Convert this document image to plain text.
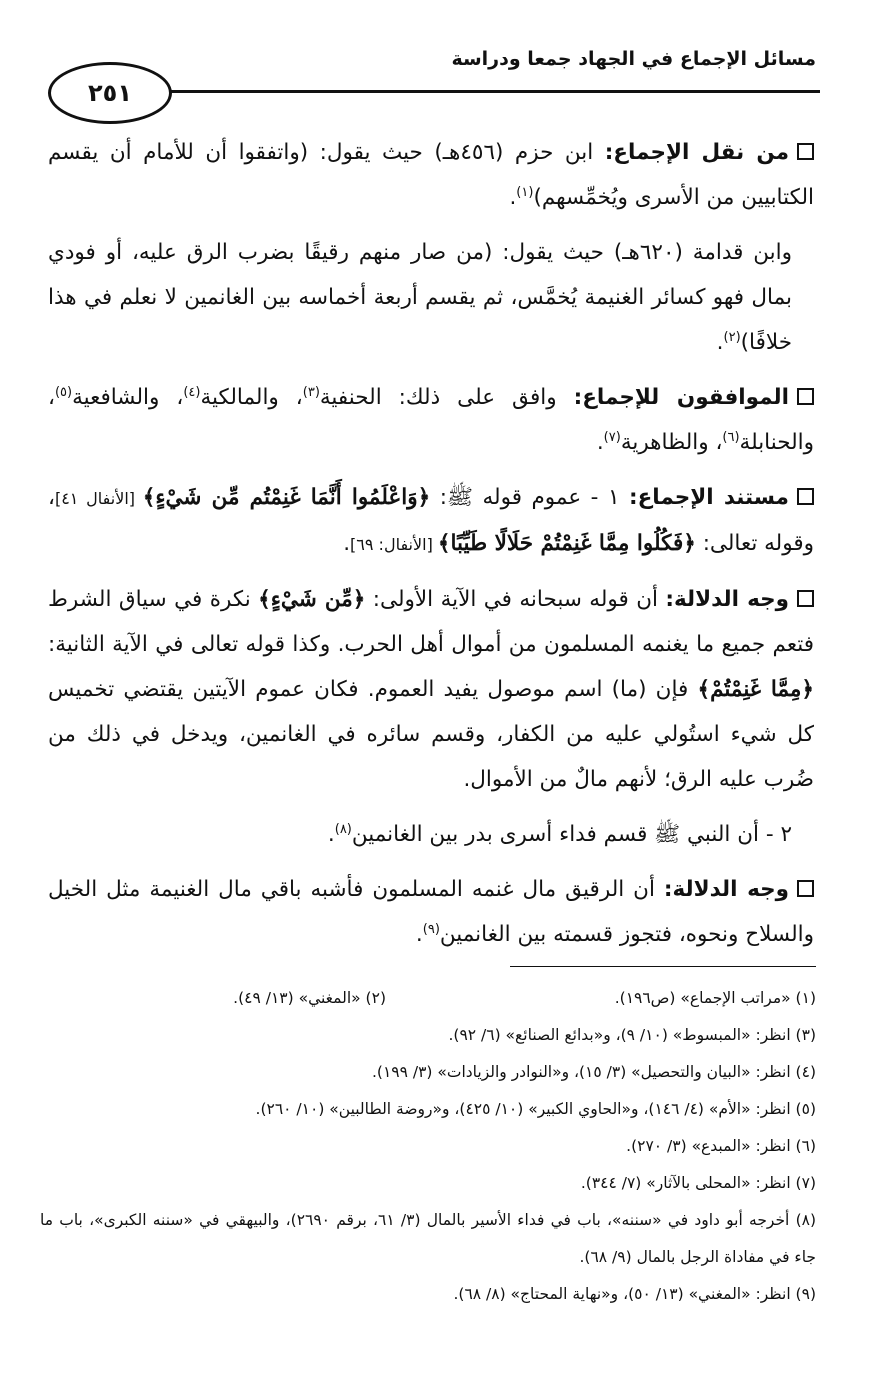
مسائل الإجماع في الجهاد جمعا ودراسة
٢٥١

من نقل الإجماع: ابن حزم (٤٥٦هـ) حيث يقول: (واتفقوا أن للأمام أن يقسم الكتابيين من الأسرى ويُخمِّسهم)$^{(١)}$.

وابن قدامة (٦٢٠هـ) حيث يقول: (من صار منهم رقيقًا بضرب الرق عليه، أو فودي بمال فهو كسائر الغنيمة يُخمَّس، ثم يقسم أربعة أخماسه بين الغانمين لا نعلم في هذا خلافًا)$^{(٢)}$.

الموافقون للإجماع: وافق على ذلك: الحنفية$^{(٣)}$، والمالكية$^{(٤)}$، والشافعية$^{(٥)}$، والحنابلة$^{(٦)}$، والظاهرية$^{(٧)}$.

مستند الإجماع: ١ - عموم قوله ﷺ: ﴿وَاعْلَمُوا أَنَّمَا غَنِمْتُم مِّن شَيْءٍ﴾ [الأنفال ٤١]، وقوله تعالى: ﴿فَكُلُوا مِمَّا غَنِمْتُمْ حَلَالًا طَيِّبًا﴾ [الأنفال: ٦٩].

وجه الدلالة: أن قوله سبحانه في الآية الأولى: ﴿مِّن شَيْءٍ﴾ نكرة في سياق الشرط فتعم جميع ما يغنمه المسلمون من أموال أهل الحرب. وكذا قوله تعالى في الآية الثانية: ﴿مِمَّا غَنِمْتُمْ﴾ فإن (ما) اسم موصول يفيد العموم. فكان عموم الآيتين يقتضي تخميس كل شيء استُولي عليه من الكفار، وقسم سائره في الغانمين، ويدخل في ذلك من ضُرب عليه الرق؛ لأنهم مالٌ من الأموال.

٢ - أن النبي ﷺ قسم فداء أسرى بدر بين الغانمين$^{(٨)}$.

وجه الدلالة: أن الرقيق مال غنمه المسلمون فأشبه باقي مال الغنيمة مثل الخيل والسلاح ونحوه، فتجوز قسمته بين الغانمين$^{(٩)}$.

(١) «مراتب الإجماع» (ص١٩٦).
(٢) «المغني» (١٣/ ٤٩).
(٣) انظر: «المبسوط» (١٠/ ٩)، و«بدائع الصنائع» (٦/ ٩٢).
(٤) انظر: «البيان والتحصيل» (٣/ ١٥)، و«النوادر والزيادات» (٣/ ١٩٩).
(٥) انظر: «الأم» (٤/ ١٤٦)، و«الحاوي الكبير» (١٠/ ٤٢٥)، و«روضة الطالبين» (١٠/ ٢٦٠).
(٦) انظر: «المبدع» (٣/ ٢٧٠).
(٧) انظر: «المحلى بالآثار» (٧/ ٣٤٤).
(٨) أخرجه أبو داود في «سننه»، باب في فداء الأسير بالمال (٣/ ٦١، برقم ٢٦٩٠)، والبيهقي في «سننه الكبرى»، باب ما جاء في مفاداة الرجل بالمال (٩/ ٦٨).
(٩) انظر: «المغني» (١٣/ ٥٠)، و«نهاية المحتاج» (٨/ ٦٨).
